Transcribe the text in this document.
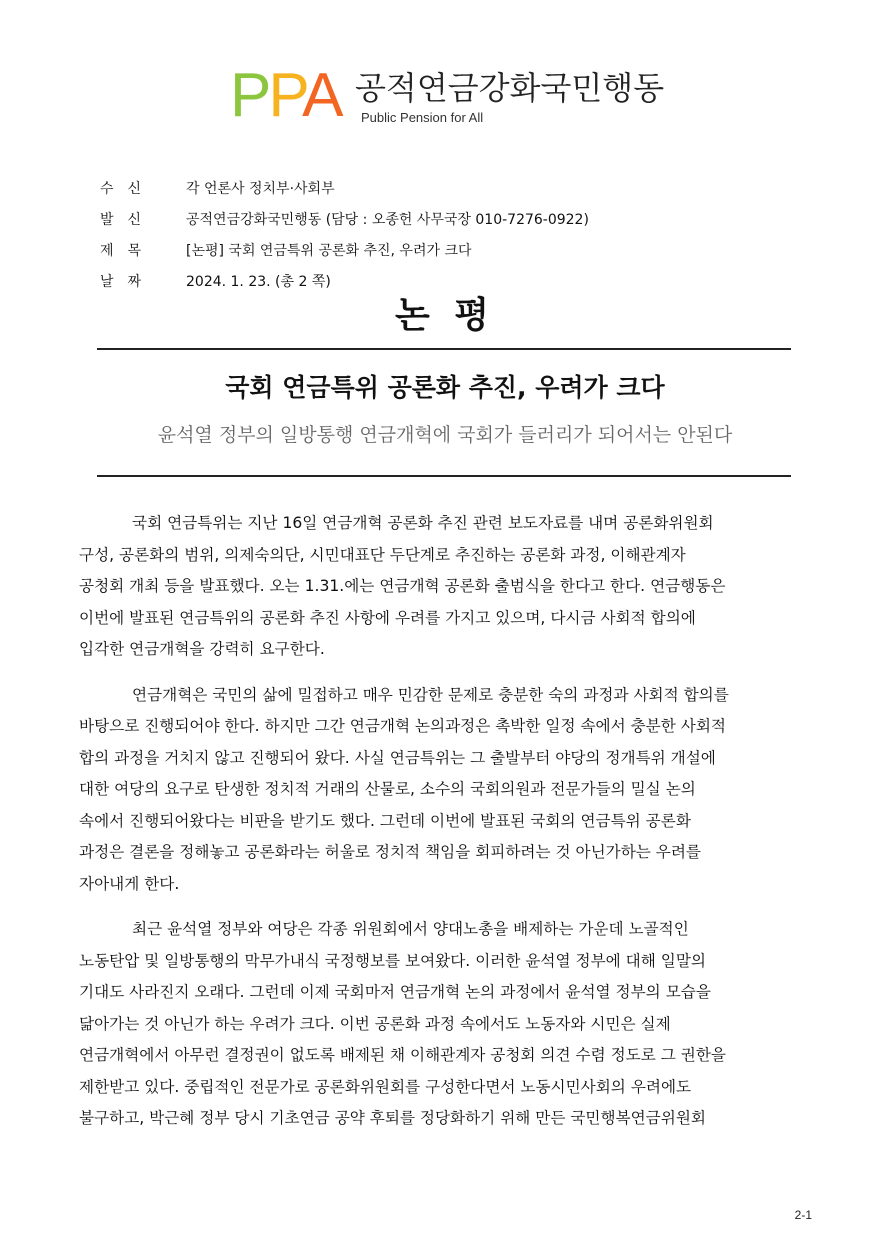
PPA 공적연금강화국민행동
Public Pension for All
수신	각 언론사 정치부·사회부
발신	공적연금강화국민행동 (담당 : 오종헌 사무국장 010-7276-0922)
제목	[논평] 국회 연금특위 공론화 추진, 우려가 크다
날짜	2024. 1. 23. (총 2 쪽)
논 평
국회 연금특위 공론화 추진, 우려가 크다
윤석열 정부의 일방통행 연금개혁에 국회가 들러리가 되어서는 안된다
국회 연금특위는 지난 16일 연금개혁 공론화 추진 관련 보도자료를 내며 공론화위원회
구성, 공론화의 범위, 의제숙의단, 시민대표단 두단계로 추진하는 공론화 과정, 이해관계자
공청회 개최 등을 발표했다. 오는 1.31.에는 연금개혁 공론화 출범식을 한다고 한다. 연금행동은
이번에 발표된 연금특위의 공론화 추진 사항에 우려를 가지고 있으며, 다시금 사회적 합의에
입각한 연금개혁을 강력히 요구한다.
연금개혁은 국민의 삶에 밀접하고 매우 민감한 문제로 충분한 숙의 과정과 사회적 합의를
바탕으로 진행되어야 한다. 하지만 그간 연금개혁 논의과정은 촉박한 일정 속에서 충분한 사회적
합의 과정을 거치지 않고 진행되어 왔다. 사실 연금특위는 그 출발부터 야당의 정개특위 개설에
대한 여당의 요구로 탄생한 정치적 거래의 산물로, 소수의 국회의원과 전문가들의 밀실 논의
속에서 진행되어왔다는 비판을 받기도 했다. 그런데 이번에 발표된 국회의 연금특위 공론화
과정은 결론을 정해놓고 공론화라는 허울로 정치적 책임을 회피하려는 것 아닌가하는 우려를
자아내게 한다.
최근 윤석열 정부와 여당은 각종 위원회에서 양대노총을 배제하는 가운데 노골적인
노동탄압 및 일방통행의 막무가내식 국정행보를 보여왔다. 이러한 윤석열 정부에 대해 일말의
기대도 사라진지 오래다. 그런데 이제 국회마저 연금개혁 논의 과정에서 윤석열 정부의 모습을
닮아가는 것 아닌가 하는 우려가 크다. 이번 공론화 과정 속에서도 노동자와 시민은 실제
연금개혁에서 아무런 결정권이 없도록 배제된 채 이해관계자 공청회 의견 수렴 정도로 그 권한을
제한받고 있다. 중립적인 전문가로 공론화위원회를 구성한다면서 노동시민사회의 우려에도
불구하고, 박근혜 정부 당시 기초연금 공약 후퇴를 정당화하기 위해 만든 국민행복연금위원회
2-1
